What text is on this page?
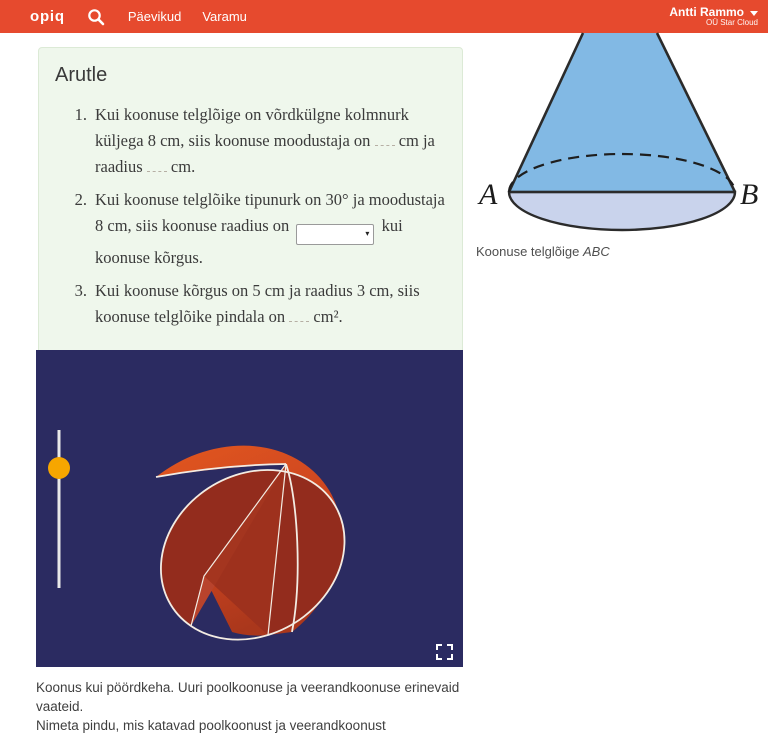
opiq	Päevikud Varamu	Antti Rammo
OÜ Star Cloud
Arutle
1. Kui koonuse telglõige on võrdkülgne kolmnurk küljega 8 cm, siis koonuse moodustaja on cm ja raadius cm.
2. Kui koonuse telglõike tipunurk on 30° ja moodustaja 8 cm, siis koonuse raadius on	▾ kui koonuse kõrgus.
3. Kui koonuse kõrgus on 5 cm ja raadius 3 cm, siis koonuse telglõike pindala on cm².
A	B
Koonuse telglõige ABC
Koonus kui pöördkeha. Uuri poolkoonuse ja veerandkoonuse erinevaid vaateid.
Nimeta pindu, mis katavad poolkoonust ja veerandkoonust
